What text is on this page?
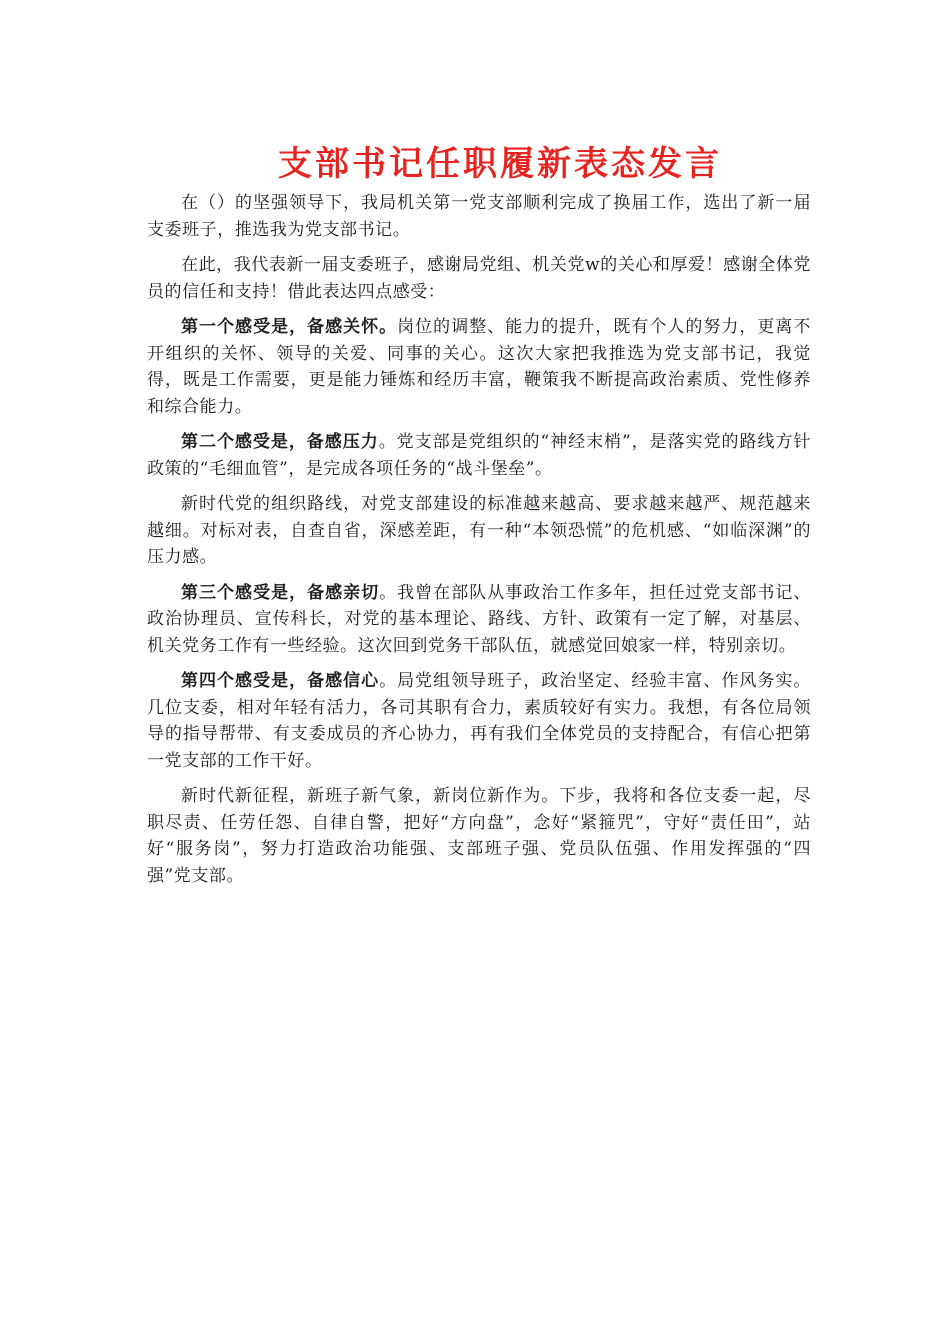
支部书记任职履新表态发言

在（）的坚强领导下，我局机关第一党支部顺利完成了换届工作，选出了新一届支委班子，推选我为党支部书记。

在此，我代表新一届支委班子，感谢局党组、机关党w的关心和厚爱！感谢全体党员的信任和支持！借此表达四点感受：

第一个感受是，备感关怀。岗位的调整、能力的提升，既有个人的努力，更离不开组织的关怀、领导的关爱、同事的关心。这次大家把我推选为党支部书记，我觉得，既是工作需要，更是能力锤炼和经历丰富，鞭策我不断提高政治素质、党性修养和综合能力。

第二个感受是，备感压力。党支部是党组织的“神经末梢”，是落实党的路线方针政策的“毛细血管”，是完成各项任务的“战斗堡垒”。

新时代党的组织路线，对党支部建设的标准越来越高、要求越来越严、规范越来越细。对标对表，自查自省，深感差距，有一种“本领恐慌”的危机感、“如临深渊”的压力感。

第三个感受是，备感亲切。我曾在部队从事政治工作多年，担任过党支部书记、政治协理员、宣传科长，对党的基本理论、路线、方针、政策有一定了解，对基层、机关党务工作有一些经验。这次回到党务干部队伍，就感觉回娘家一样，特别亲切。

第四个感受是，备感信心。局党组领导班子，政治坚定、经验丰富、作风务实。几位支委，相对年轻有活力，各司其职有合力，素质较好有实力。我想，有各位局领导的指导帮带、有支委成员的齐心协力，再有我们全体党员的支持配合，有信心把第一党支部的工作干好。

新时代新征程，新班子新气象，新岗位新作为。下步，我将和各位支委一起，尽职尽责、任劳任怨、自律自警，把好“方向盘”，念好“紧箍咒”，守好“责任田”，站好“服务岗”，努力打造政治功能强、支部班子强、党员队伍强、作用发挥强的“四强”党支部。
